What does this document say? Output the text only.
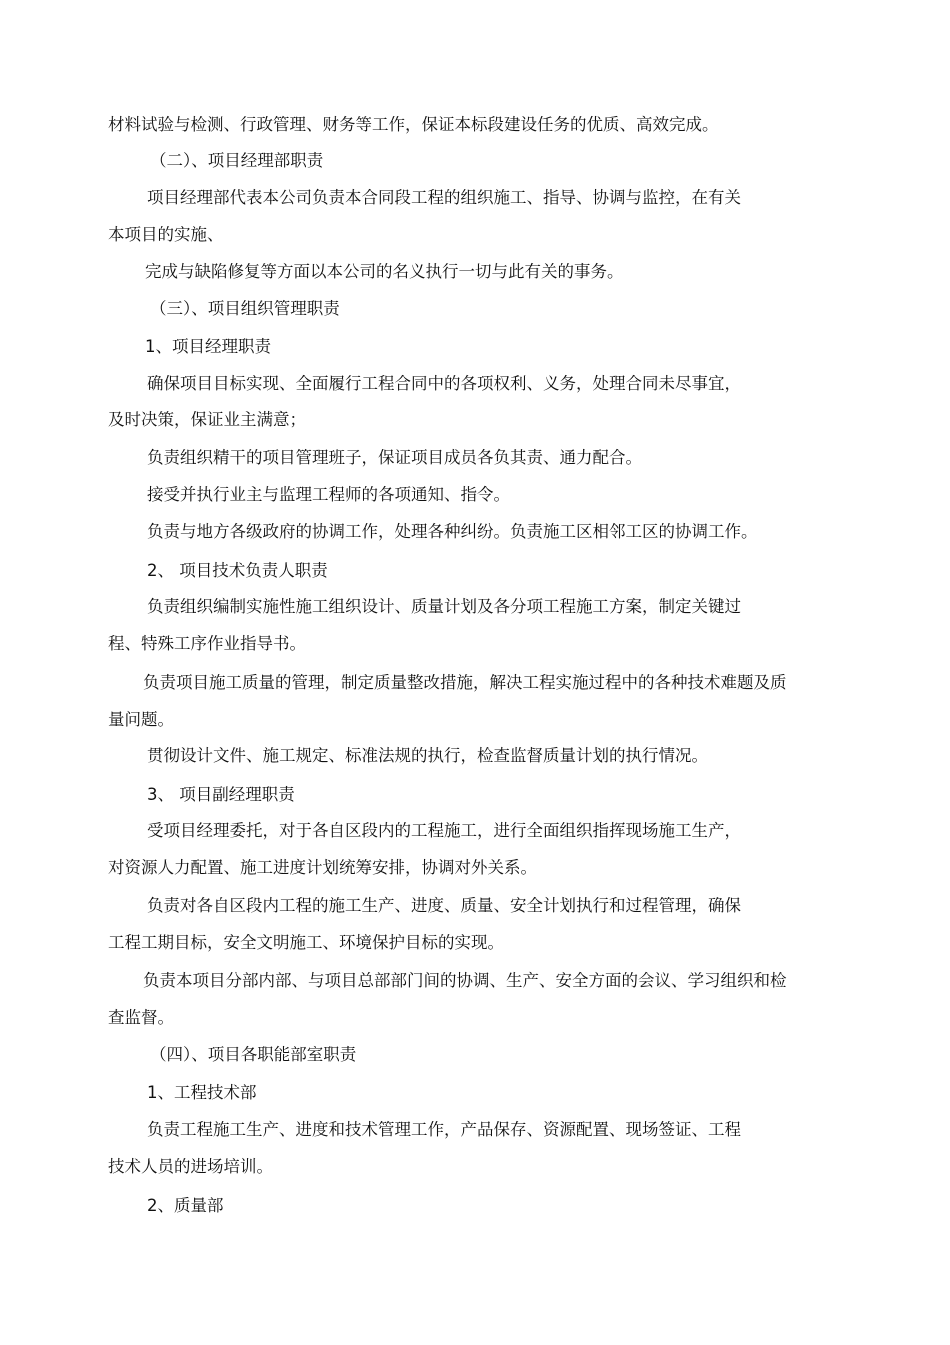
材料试验与检测、行政管理、财务等工作，保证本标段建设任务的优质、高效完成。
（二）、项目经理部职责
项目经理部代表本公司负责本合同段工程的组织施工、指导、协调与监控，在有关
本项目的实施、
完成与缺陷修复等方面以本公司的名义执行一切与此有关的事务。
（三）、项目组织管理职责
1、项目经理职责
确保项目目标实现、全面履行工程合同中的各项权利、义务，处理合同未尽事宜，
及时决策，保证业主满意；
负责组织精干的项目管理班子，保证项目成员各负其责、通力配合。
接受并执行业主与监理工程师的各项通知、指令。
负责与地方各级政府的协调工作，处理各种纠纷。负责施工区相邻工区的协调工作。
2、 项目技术负责人职责
负责组织编制实施性施工组织设计、质量计划及各分项工程施工方案，制定关键过
程、特殊工序作业指导书。
负责项目施工质量的管理，制定质量整改措施，解决工程实施过程中的各种技术难题及质
量问题。
贯彻设计文件、施工规定、标准法规的执行，检查监督质量计划的执行情况。
3、 项目副经理职责
受项目经理委托，对于各自区段内的工程施工，进行全面组织指挥现场施工生产，
对资源人力配置、施工进度计划统筹安排，协调对外关系。
负责对各自区段内工程的施工生产、进度、质量、安全计划执行和过程管理，确保
工程工期目标，安全文明施工、环境保护目标的实现。
负责本项目分部内部、与项目总部部门间的协调、生产、安全方面的会议、学习组织和检
查监督。
（四）、项目各职能部室职责
1、工程技术部
负责工程施工生产、进度和技术管理工作，产品保存、资源配置、现场签证、工程
技术人员的进场培训。
2、质量部
